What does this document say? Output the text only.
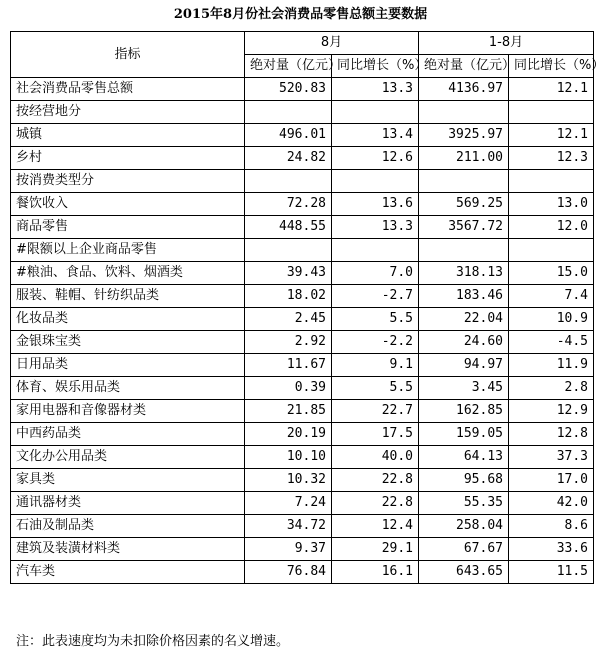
2015年8月份社会消费品零售总额主要数据
指标	8月		1-8月	
	绝对量（亿元）	同比增长（%）	绝对量（亿元）	同比增长（%）
社会消费品零售总额	520.83	13.3	4136.97	12.1
按经营地分				
城镇	496.01	13.4	3925.97	12.1
乡村	24.82	12.6	211.00	12.3
按消费类型分				
餐饮收入	72.28	13.6	569.25	13.0
商品零售	448.55	13.3	3567.72	12.0
#限额以上企业商品零售				
#粮油、食品、饮料、烟酒类	39.43	7.0	318.13	15.0
服装、鞋帽、针纺织品类	18.02	-2.7	183.46	7.4
化妆品类	2.45	5.5	22.04	10.9
金银珠宝类	2.92	-2.2	24.60	-4.5
日用品类	11.67	9.1	94.97	11.9
体育、娱乐用品类	0.39	5.5	3.45	2.8
家用电器和音像器材类	21.85	22.7	162.85	12.9
中西药品类	20.19	17.5	159.05	12.8
文化办公用品类	10.10	40.0	64.13	37.3
家具类	10.32	22.8	95.68	17.0
通讯器材类	7.24	22.8	55.35	42.0
石油及制品类	34.72	12.4	258.04	8.6
建筑及装潢材料类	9.37	29.1	67.67	33.6
汽车类	76.84	16.1	643.65	11.5
注：此表速度均为未扣除价格因素的名义增速。
